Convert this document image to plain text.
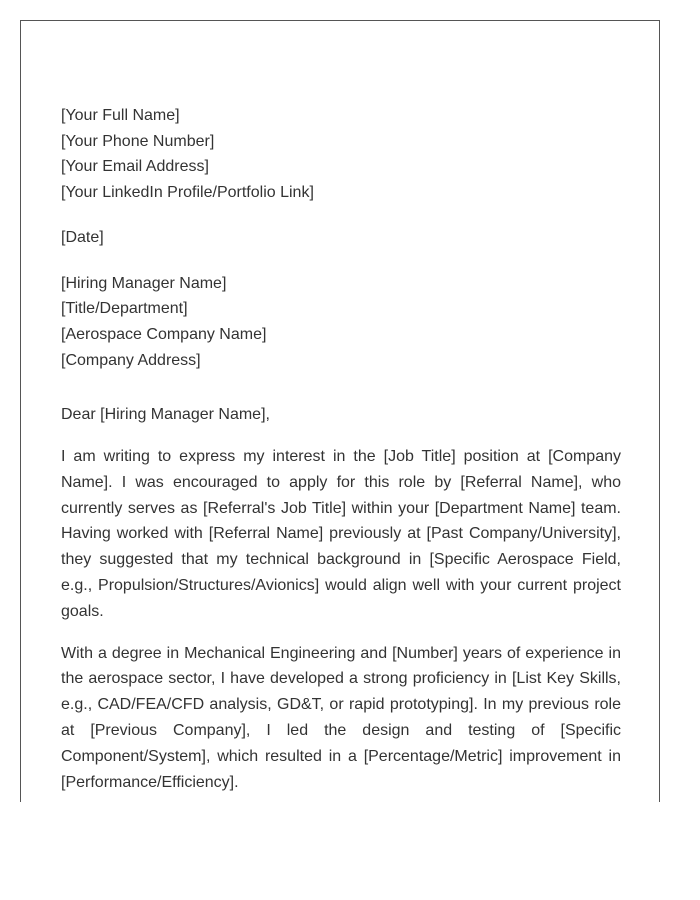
[Your Full Name]
[Your Phone Number]
[Your Email Address]
[Your LinkedIn Profile/Portfolio Link]
[Date]
[Hiring Manager Name]
[Title/Department]
[Aerospace Company Name]
[Company Address]
Dear [Hiring Manager Name],

I am writing to express my interest in the [Job Title] position at [Company Name]. I was encouraged to apply for this role by [Referral Name], who currently serves as [Referral's Job Title] within your [Department Name] team. Having worked with [Referral Name] previously at [Past Company/University], they suggested that my technical background in [Specific Aerospace Field, e.g., Propulsion/Structures/Avionics] would align well with your current project goals.

With a degree in Mechanical Engineering and [Number] years of experience in the aerospace sector, I have developed a strong proficiency in [List Key Skills, e.g., CAD/FEA/CFD analysis, GD&T, or rapid prototyping]. In my previous role at [Previous Company], I led the design and testing of [Specific Component/System], which resulted in a [Percentage/Metric] improvement in [Performance/Efficiency].
